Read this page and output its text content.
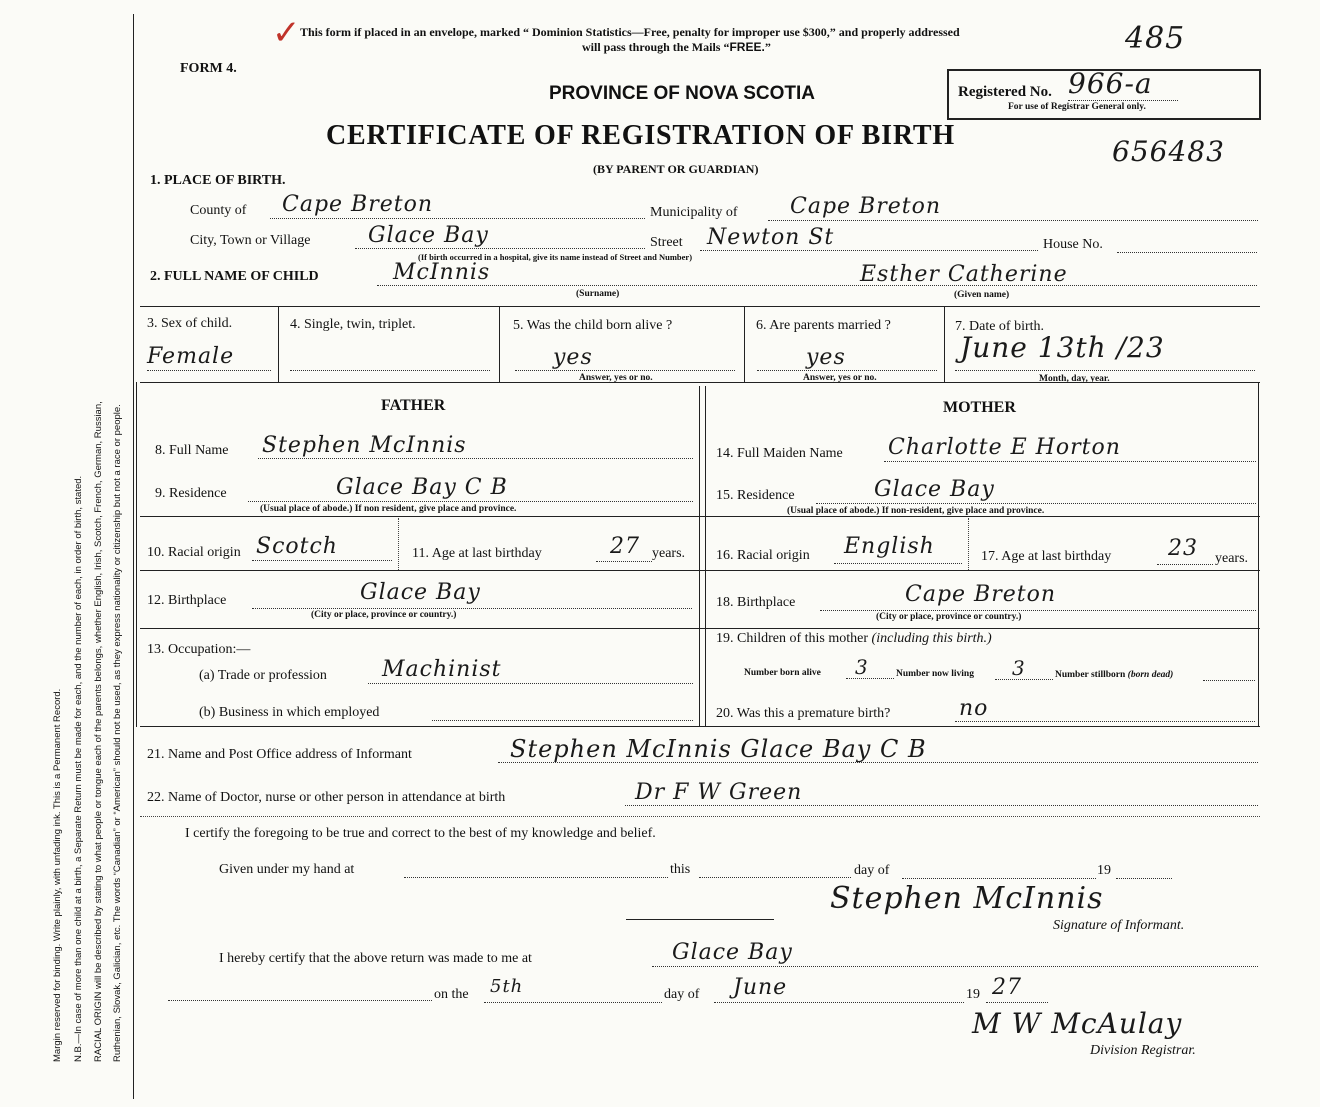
Margin reserved for binding. Write plainly, with unfading ink. This is a Permanent Record. N.B.—In case of more than one child at a birth, a Separate Return must be made for each, and the number of each, in order of birth, stated. RACIAL ORIGIN will be described by stating to what people or tongue each of the parents belongs, whether English, Irish, Scotch, French, German, Russian, Ruthenian, Slovak, Galician, etc. The words “Canadian” or “American” should not be used, as they express nationality or citizenship but not a race or people.
✓ This form if placed in an envelope, marked “ Dominion Statistics—Free, penalty for improper use $300,” and properly addressed
will pass through the Mails “FREE.”	485
FORM 4.
PROVINCE OF NOVA SCOTIA	Registered No. 966-a
For use of Registrar General only.
CERTIFICATE OF REGISTRATION OF BIRTH	656483
(BY PARENT OR GUARDIAN)
1. PLACE OF BIRTH.
County of Cape Breton	Municipality of Cape Breton
City, Town or Village	Glace Bay	Street Newton St	House No.
(If birth occurred in a hospital, give its name instead of Street and Number)
2. FULL NAME OF CHILD	McInnis	Esther Catherine
(Surname)	(Given name)
3. Sex of child.
Female
4. Single, twin, triplet.	5. Was the child born alive ?
yes
Answer, yes or no.
6. Are parents married ?
yes
Answer, yes or no.
7. Date of birth.
June 13th /23
Month, day, year.
FATHER
8. Full Name Stephen McInnis
9. Residence	Glace Bay C B
(Usual place of abode.) If non resident, give place and province.
10. Racial origin Scotch	11. Age at last birthday	27 years.
12. Birthplace	Glace Bay
(City or place, province or country.)
13. Occupation:—
(a) Trade or profession	Machinist
(b) Business in which employed
MOTHER
14. Full Maiden Name Charlotte E Horton
15. Residence	Glace Bay
(Usual place of abode.) If non-resident, give place and province.
16. Racial origin English	17. Age at last birthday	23 years.
18. Birthplace	Cape Breton
(City or place, province or country.)
19. Children of this mother (including this birth.)
Number born alive 3	Number now living 3	Number stillborn (born dead)
20. Was this a premature birth?	no
21. Name and Post Office address of Informant	Stephen McInnis Glace Bay C B
22. Name of Doctor, nurse or other person in attendance at birth	Dr F W Green
I certify the foregoing to be true and correct to the best of my knowledge and belief.
Given under my hand at	this	day of	19
Stephen McInnis
Signature of Informant.
I hereby certify that the above return was made to me at	Glace Bay
on the 5th	day of June	19 27
M W McAulay
Division Registrar.
